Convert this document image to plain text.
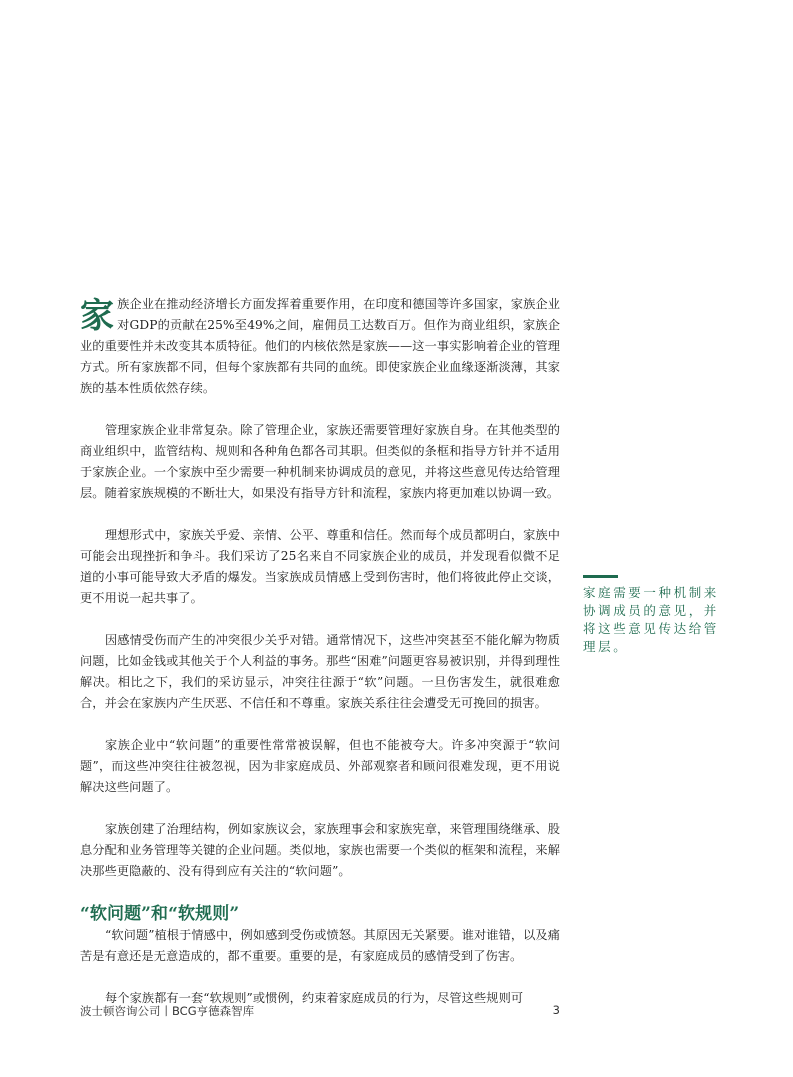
家族企业在推动经济增长方面发挥着重要作用，在印度和德国等许多国家，家族企业对GDP的贡献在25%至49%之间，雇佣员工达数百万。但作为商业组织，家族企业的重要性并未改变其本质特征。他们的内核依然是家族——这一事实影响着企业的管理方式。所有家族都不同，但每个家族都有共同的血统。即使家族企业血缘逐渐淡薄，其家族的基本性质依然存续。

管理家族企业非常复杂。除了管理企业，家族还需要管理好家族自身。在其他类型的商业组织中，监管结构、规则和各种角色都各司其职。但类似的条框和指导方针并不适用于家族企业。一个家族中至少需要一种机制来协调成员的意见，并将这些意见传达给管理层。随着家族规模的不断壮大，如果没有指导方针和流程，家族内将更加难以协调一致。

理想形式中，家族关乎爱、亲情、公平、尊重和信任。然而每个成员都明白，家族中可能会出现挫折和争斗。我们采访了25名来自不同家族企业的成员，并发现看似微不足道的小事可能导致大矛盾的爆发。当家族成员情感上受到伤害时，他们将彼此停止交谈，更不用说一起共事了。

因感情受伤而产生的冲突很少关乎对错。通常情况下，这些冲突甚至不能化解为物质问题，比如金钱或其他关于个人利益的事务。那些“困难”问题更容易被识别，并得到理性解决。相比之下，我们的采访显示，冲突往往源于“软”问题。一旦伤害发生，就很难愈合，并会在家族内产生厌恶、不信任和不尊重。家族关系往往会遭受无可挽回的损害。

家族企业中“软问题”的重要性常常被误解，但也不能被夸大。许多冲突源于“软问题”，而这些冲突往往被忽视，因为非家庭成员、外部观察者和顾问很难发现，更不用说解决这些问题了。

家族创建了治理结构，例如家族议会，家族理事会和家族宪章，来管理围绕继承、股息分配和业务管理等关键的企业问题。类似地，家族也需要一个类似的框架和流程，来解决那些更隐蔽的、没有得到应有关注的“软问题”。

“软问题”和“软规则”

“软问题”植根于情感中，例如感到受伤或愤怒。其原因无关紧要。谁对谁错，以及痛苦是有意还是无意造成的，都不重要。重要的是，有家庭成员的感情受到了伤害。

每个家族都有一套“软规则”或惯例，约束着家庭成员的行为，尽管这些规则可

家庭需要一种机制来协调成员的意见，并将这些意见传达给管理层。
波士顿咨询公司丨BCG亨德森智库	3
